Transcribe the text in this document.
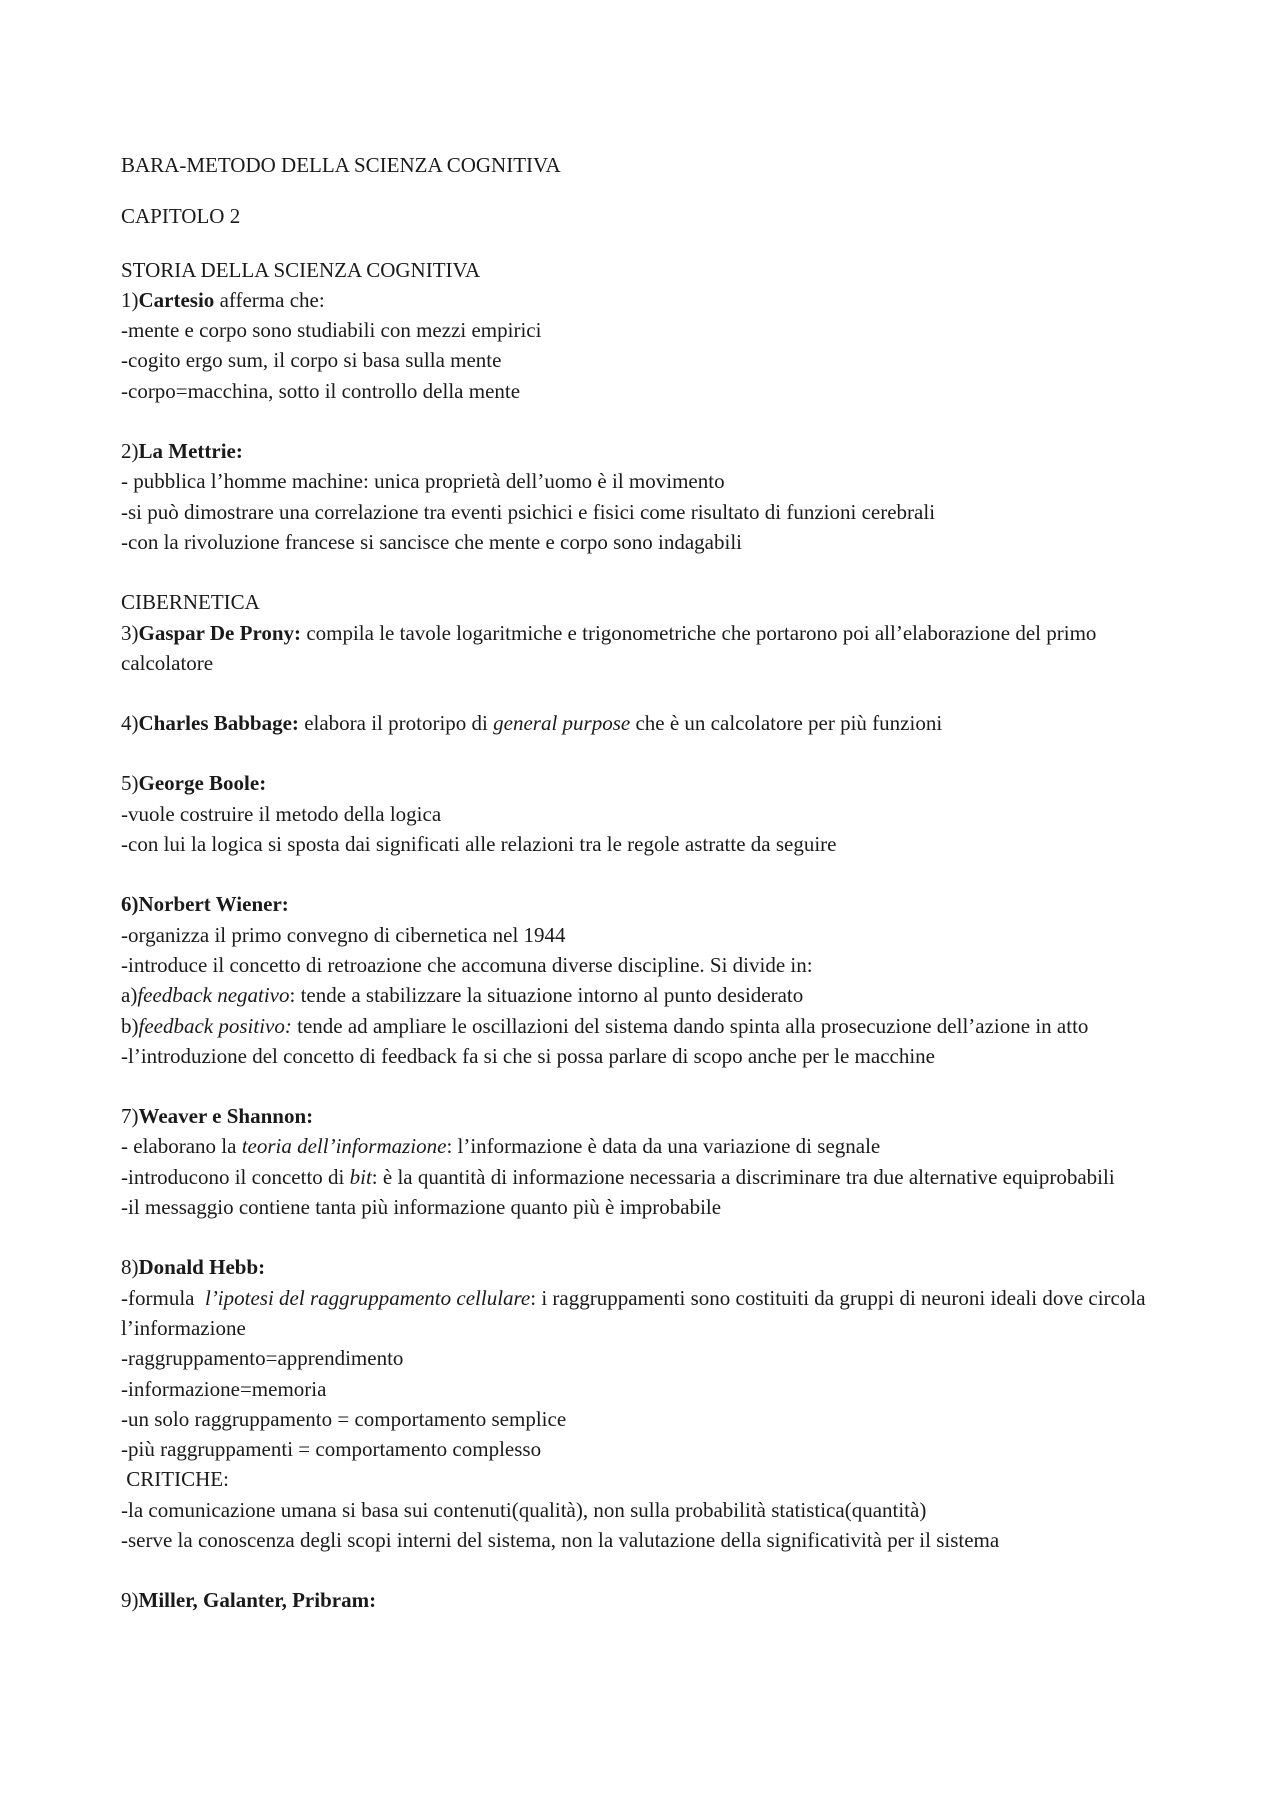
BARA-METODO DELLA SCIENZA COGNITIVA
CAPITOLO 2
STORIA DELLA SCIENZA COGNITIVA
1)Cartesio afferma che:
-mente e corpo sono studiabili con mezzi empirici
-cogito ergo sum, il corpo si basa sulla mente
-corpo=macchina, sotto il controllo della mente
2)La Mettrie:
- pubblica l’homme machine: unica proprietà dell’uomo è il movimento
-si può dimostrare una correlazione tra eventi psichici e fisici come risultato di funzioni cerebrali
-con la rivoluzione francese si sancisce che mente e corpo sono indagabili
CIBERNETICA
3)Gaspar De Prony: compila le tavole logaritmiche e trigonometriche che portarono poi all’elaborazione del primo calcolatore
4)Charles Babbage: elabora il protoripo di general purpose che è un calcolatore per più funzioni
5)George Boole:
-vuole costruire il metodo della logica
-con lui la logica si sposta dai significati alle relazioni tra le regole astratte da seguire
6)Norbert Wiener:
-organizza il primo convegno di cibernetica nel 1944
-introduce il concetto di retroazione che accomuna diverse discipline. Si divide in:
a)feedback negativo: tende a stabilizzare la situazione intorno al punto desiderato
b)feedback positivo: tende ad ampliare le oscillazioni del sistema dando spinta alla prosecuzione dell’azione in atto
-l’introduzione del concetto di feedback fa si che si possa parlare di scopo anche per le macchine
7)Weaver e Shannon:
- elaborano la teoria dell’informazione: l’informazione è data da una variazione di segnale
-introducono il concetto di bit: è la quantità di informazione necessaria a discriminare tra due alternative equiprobabili
-il messaggio contiene tanta più informazione quanto più è improbabile
8)Donald Hebb:
-formula  l’ipotesi del raggruppamento cellulare: i raggruppamenti sono costituiti da gruppi di neuroni ideali dove circola l’informazione
-raggruppamento=apprendimento
-informazione=memoria
-un solo raggruppamento = comportamento semplice
-più raggruppamenti = comportamento complesso
CRITICHE:
-la comunicazione umana si basa sui contenuti(qualità), non sulla probabilità statistica(quantità)
-serve la conoscenza degli scopi interni del sistema, non la valutazione della significatività per il sistema
9)Miller, Galanter, Pribram:
